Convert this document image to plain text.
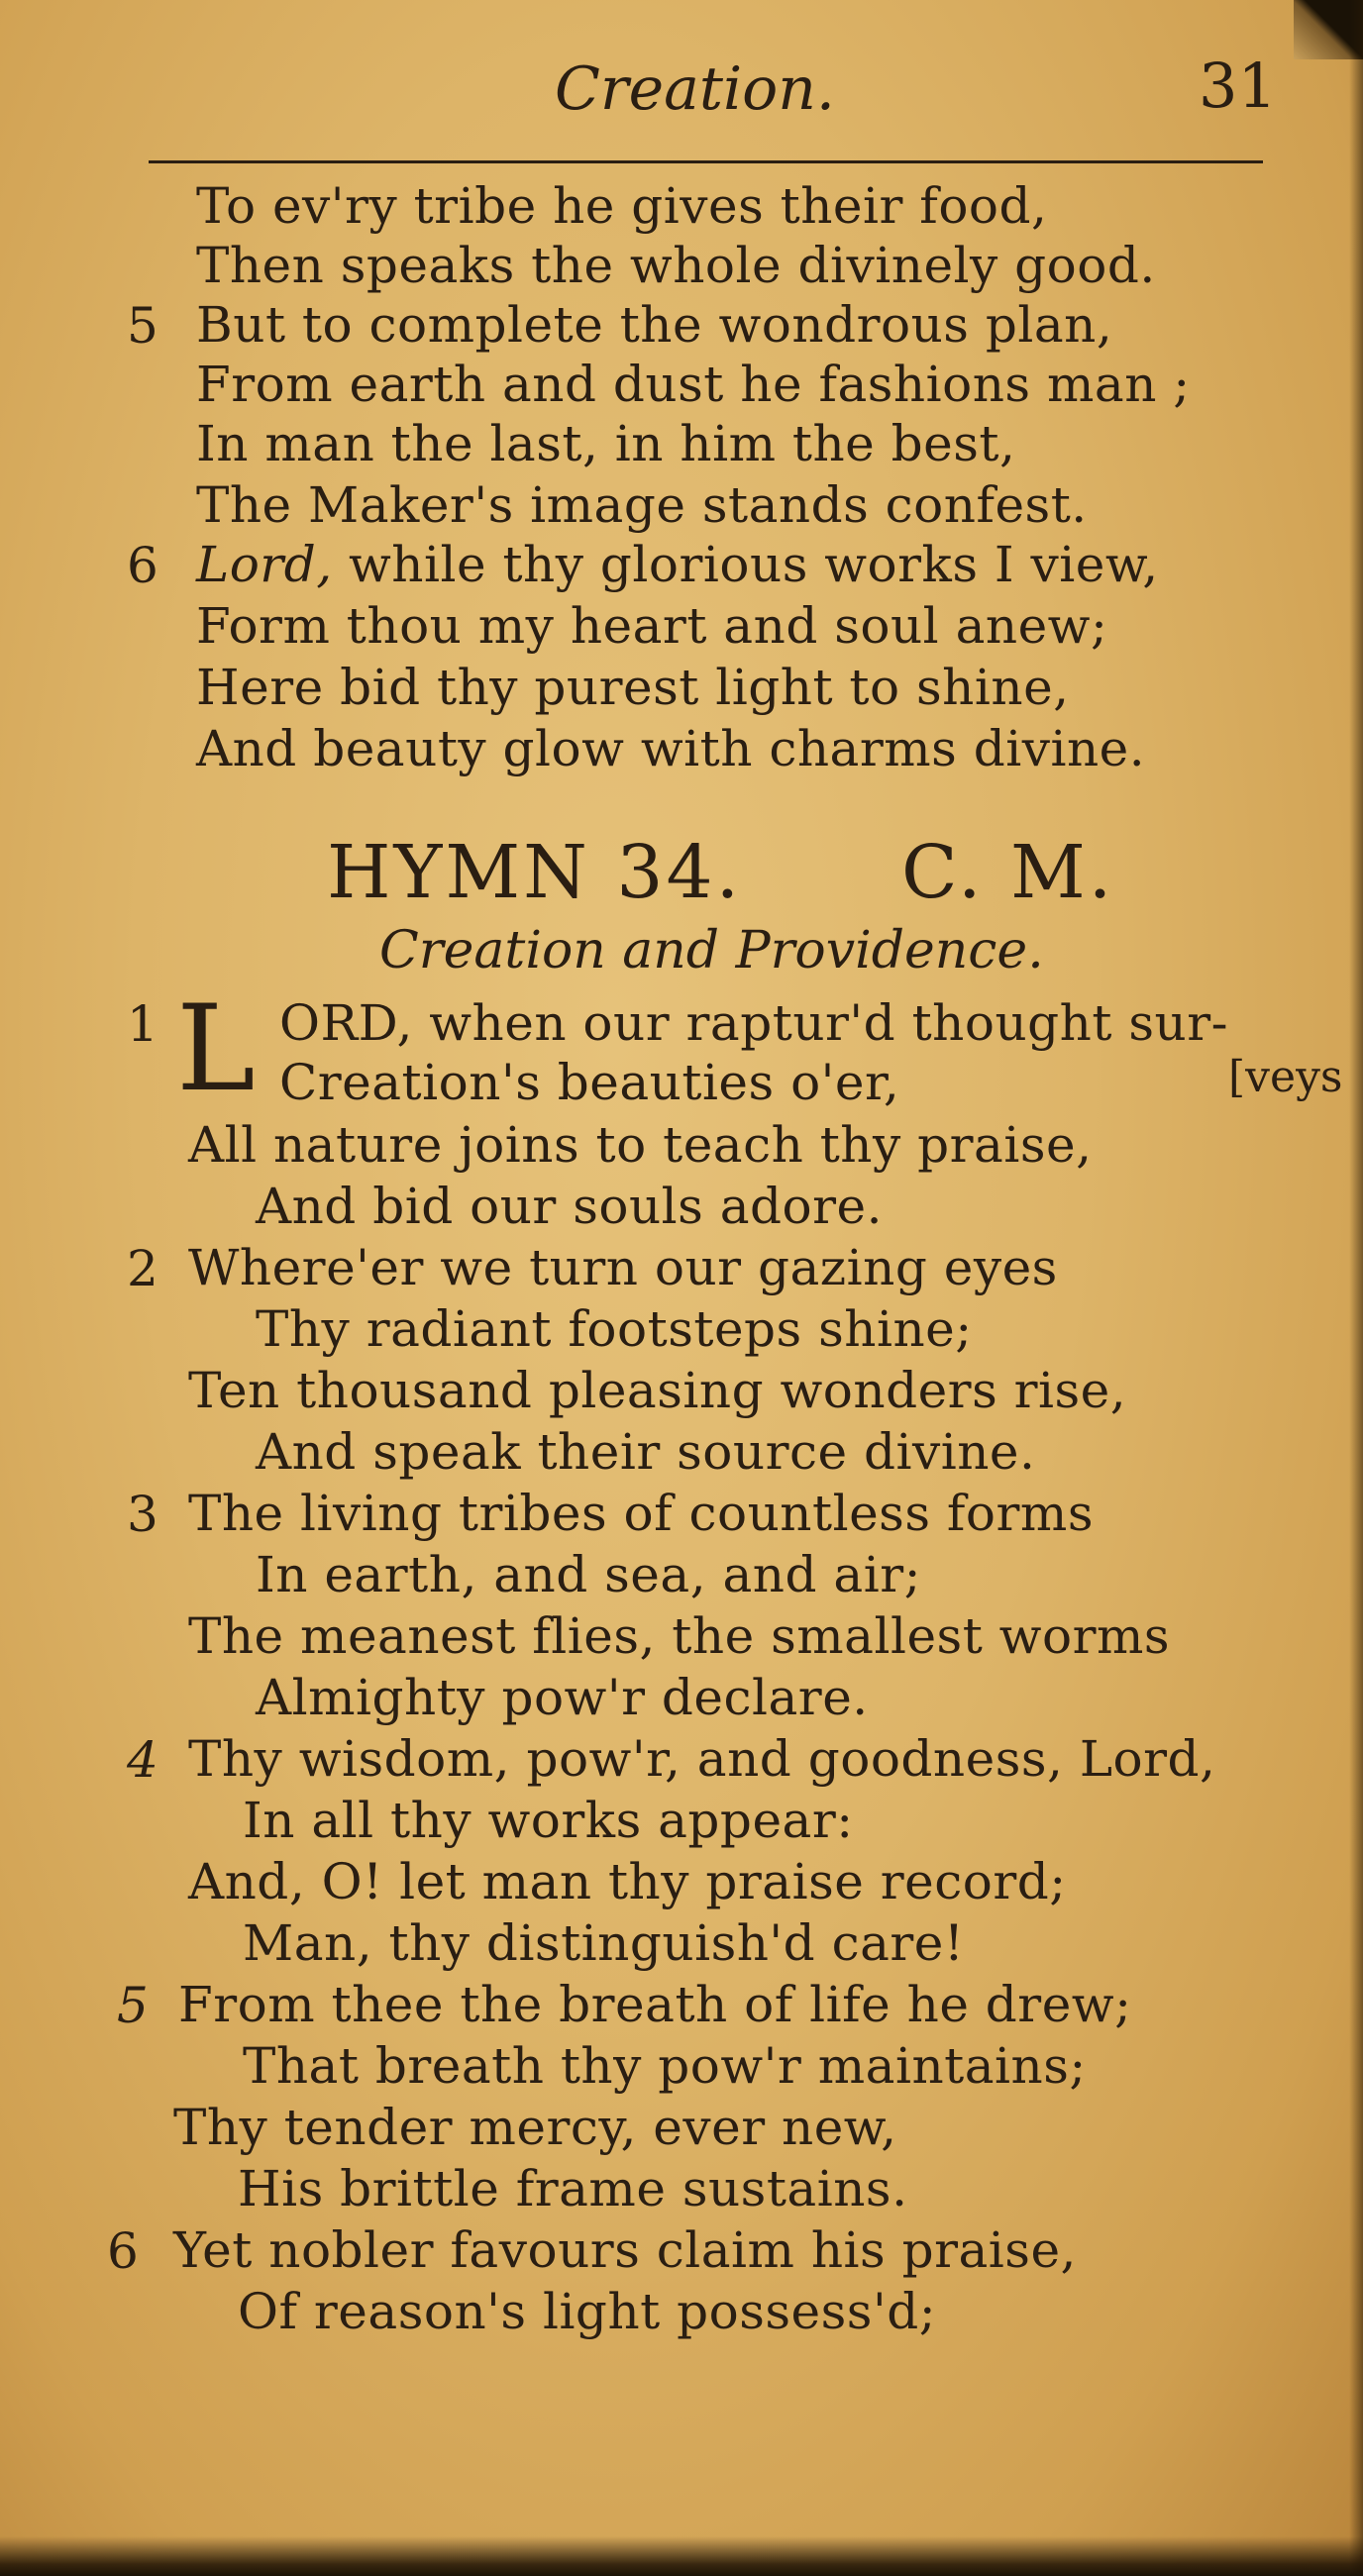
Creation.	31
To ev'ry tribe he gives their food,
Then speaks the whole divinely good.
5 But to complete the wondrous plan,
From earth and dust he fashions man ;
In man the last, in him the best,
The Maker's image stands confest.
6 Lord, while thy glorious works I view,
Form thou my heart and soul anew;
Here bid thy purest light to shine,
And beauty glow with charms divine.
HYMN 34. C. M.
Creation and Providence.
1 L ORD, when our raptur'd thought sur-
Creation's beauties o'er,	[veys
All nature joins to teach thy praise,
And bid our souls adore.
2 Where'er we turn our gazing eyes
Thy radiant footsteps shine;
Ten thousand pleasing wonders rise,
And speak their source divine.
3 The living tribes of countless forms
In earth, and sea, and air;
The meanest flies, the smallest worms
Almighty pow'r declare.
4 Thy wisdom, pow'r, and goodness, Lord,
In all thy works appear:
And, O! let man thy praise record;
Man, thy distinguish'd care!
5 From thee the breath of life he drew;
That breath thy pow'r maintains;
Thy tender mercy, ever new,
His brittle frame sustains.
6 Yet nobler favours claim his praise,
Of reason's light possess'd;
